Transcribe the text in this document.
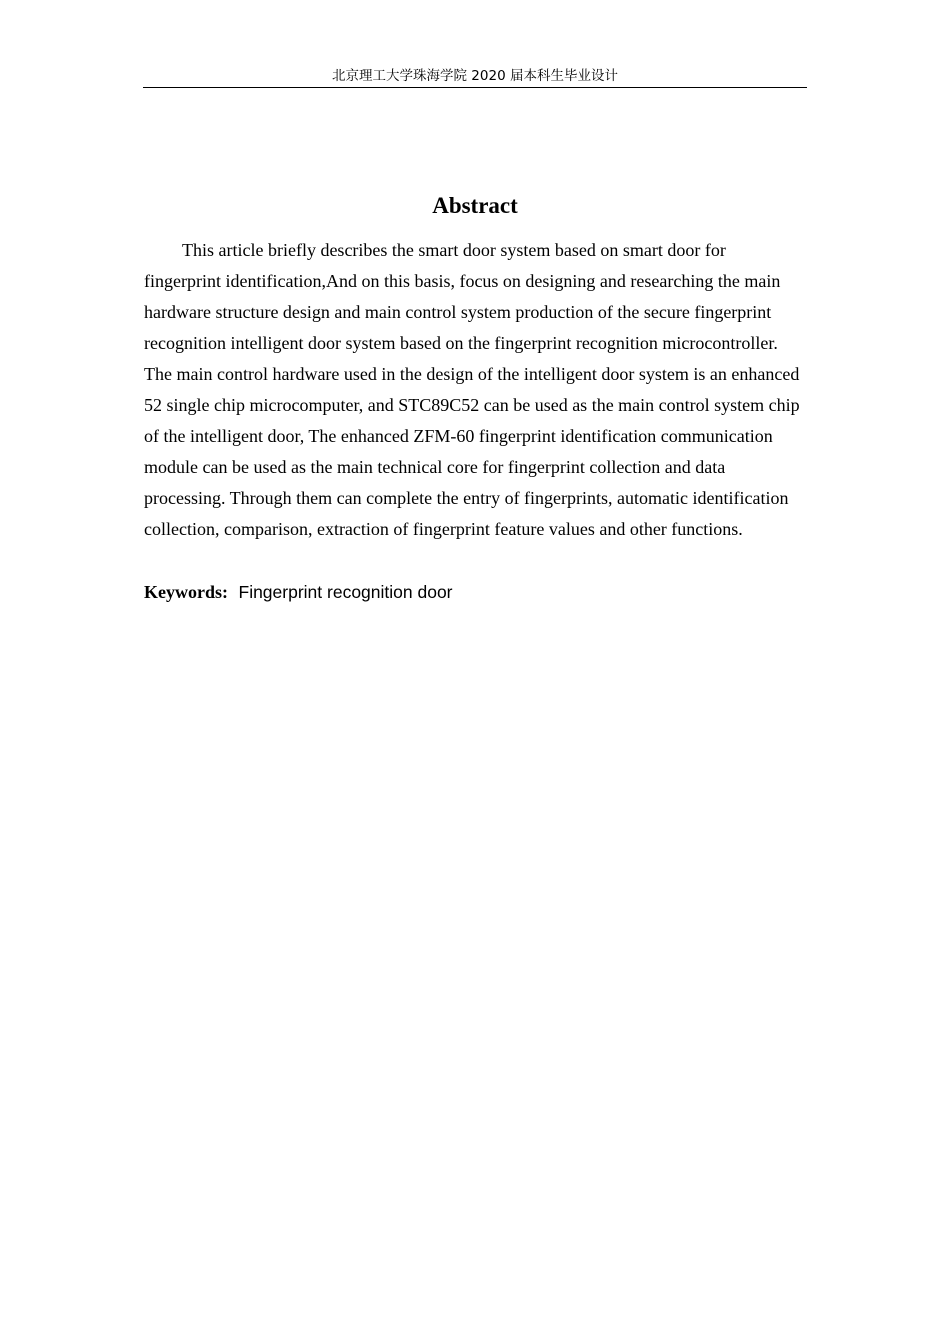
北京理工大学珠海学院 2020 届本科生毕业设计
Abstract

This article briefly describes the smart door system based on smart door for fingerprint identification,And on this basis, focus on designing and researching the main hardware structure design and main control system production of the secure fingerprint recognition intelligent door system based on the fingerprint recognition microcontroller. The main control hardware used in the design of the intelligent door system is an enhanced 52 single chip microcomputer, and STC89C52 can be used as the main control system chip of the intelligent door, The enhanced ZFM-60 fingerprint identification communication module can be used as the main technical core for fingerprint collection and data processing. Through them can complete the entry of fingerprints, automatic identification collection, comparison, extraction of fingerprint feature values and other functions.

Keywords: Fingerprint recognition door
